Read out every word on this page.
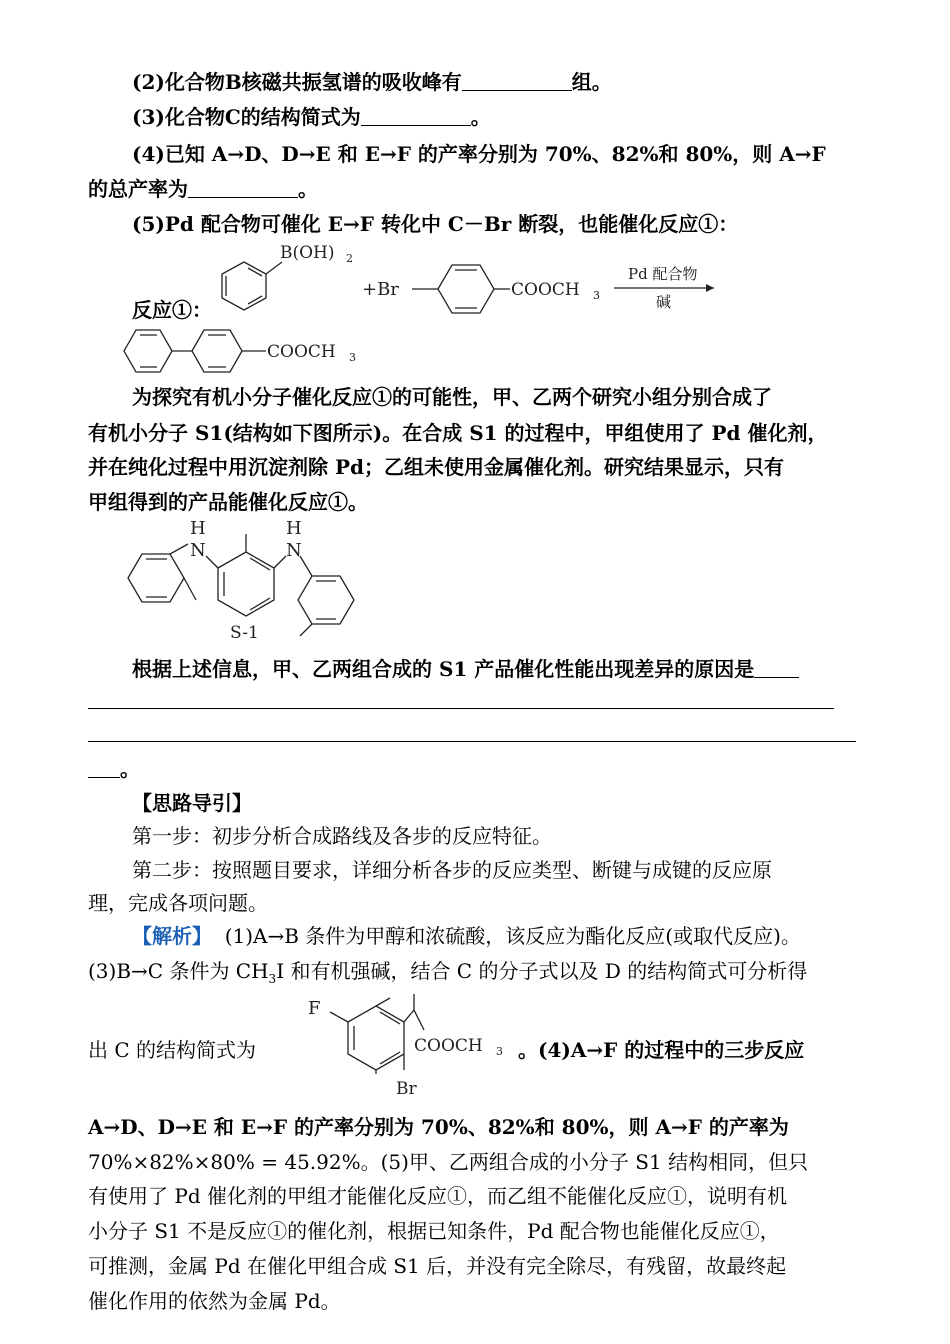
(2)化合物B核磁共振氢谱的吸收峰有	组。
(3)化合物C的结构简式为	。
(4)已知 A→D、D→E 和 E→F 的产率分别为 70%、82%和 80%，则 A→F
的总产率为	。
(5)Pd 配合物可催化 E→F 转化中 C－Br 断裂，也能催化反应①：
反应①：
B(OH) 2
+Br	COOCH 3
Pd 配合物
碱
COOCH 3
为探究有机小分子催化反应①的可能性，甲、乙两个研究小组分别合成了
有机小分子 S1(结构如下图所示)。在合成 S1 的过程中，甲组使用了 Pd 催化剂，
并在纯化过程中用沉淀剂除 Pd；乙组未使用金属催化剂。研究结果显示，只有
甲组得到的产品能催化反应①。
H
N
H
N
S-1
根据上述信息，甲、乙两组合成的 S1 产品催化性能出现差异的原因是
。
【思路导引】
第一步：初步分析合成路线及各步的反应特征。
第二步：按照题目要求，详细分析各步的反应类型、断键与成键的反应原
理，完成各项问题。
【解析】 (1)A→B 条件为甲醇和浓硫酸，该反应为酯化反应(或取代反应)。
(3)B→C 条件为 $CH_3I$ 和有机强碱，结合 C 的分子式以及 D 的结构简式可分析得
出 C 的结构简式为
F
COOCH 3
Br
。(4)A→F 的过程中的三步反应
A→D、D→E 和 E→F 的产率分别为 70%、82%和 80%，则 A→F 的产率为
70%×82%×80% = 45.92%。(5)甲、乙两组合成的小分子 S1 结构相同，但只
有使用了 Pd 催化剂的甲组才能催化反应①，而乙组不能催化反应①，说明有机
小分子 S1 不是反应①的催化剂，根据已知条件，Pd 配合物也能催化反应①，
可推测，金属 Pd 在催化甲组合成 S1 后，并没有完全除尽，有残留，故最终起
催化作用的依然为金属 Pd。
